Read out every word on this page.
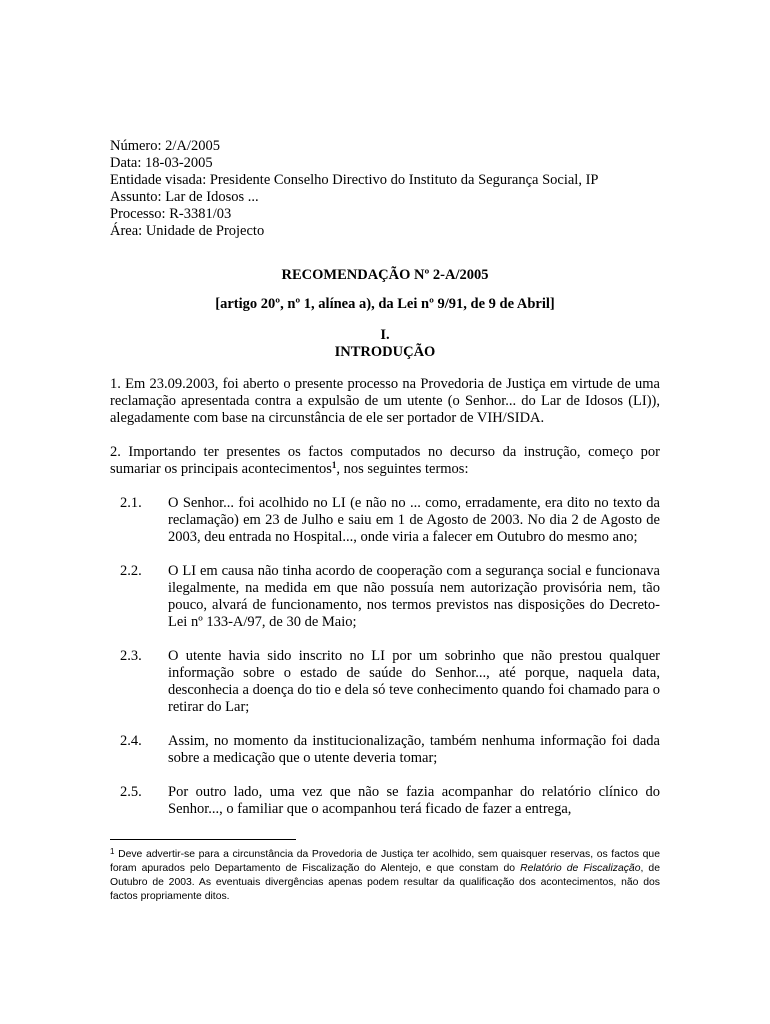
Número: 2/A/2005
Data: 18-03-2005
Entidade visada: Presidente Conselho Directivo do Instituto da Segurança Social, IP
Assunto: Lar de Idosos ...
Processo: R-3381/03
Área: Unidade de Projecto
RECOMENDAÇÃO Nº 2-A/2005
[artigo 20º, nº 1, alínea a), da Lei nº 9/91, de 9 de Abril]
I.
INTRODUÇÃO

1. Em 23.09.2003, foi aberto o presente processo na Provedoria de Justiça em virtude de uma reclamação apresentada contra a expulsão de um utente (o Senhor... do Lar de Idosos (LI)), alegadamente com base na circunstância de ele ser portador de VIH/SIDA.

2. Importando ter presentes os factos computados no decurso da instrução, começo por sumariar os principais acontecimentos$^1$, nos seguintes termos:

2.1.	O Senhor... foi acolhido no LI (e não no ... como, erradamente, era dito no texto da reclamação) em 23 de Julho e saiu em 1 de Agosto de 2003. No dia 2 de Agosto de 2003, deu entrada no Hospital..., onde viria a falecer em Outubro do mesmo ano;
2.2.	O LI em causa não tinha acordo de cooperação com a segurança social e funcionava ilegalmente, na medida em que não possuía nem autorização provisória nem, tão pouco, alvará de funcionamento, nos termos previstos nas disposições do Decreto-Lei nº 133-A/97, de 30 de Maio;
2.3.	O utente havia sido inscrito no LI por um sobrinho que não prestou qualquer informação sobre o estado de saúde do Senhor..., até porque, naquela data, desconhecia a doença do tio e dela só teve conhecimento quando foi chamado para o retirar do Lar;
2.4.	Assim, no momento da institucionalização, também nenhuma informação foi dada sobre a medicação que o utente deveria tomar;
2.5.	Por outro lado, uma vez que não se fazia acompanhar do relatório clínico do Senhor..., o familiar que o acompanhou terá ficado de fazer a entrega,
$^1$ Deve advertir-se para a circunstância da Provedoria de Justiça ter acolhido, sem quaisquer reservas, os factos que foram apurados pelo Departamento de Fiscalização do Alentejo, e que constam do Relatório de Fiscalização, de Outubro de 2003. As eventuais divergências apenas podem resultar da qualificação dos acontecimentos, não dos factos propriamente ditos.
